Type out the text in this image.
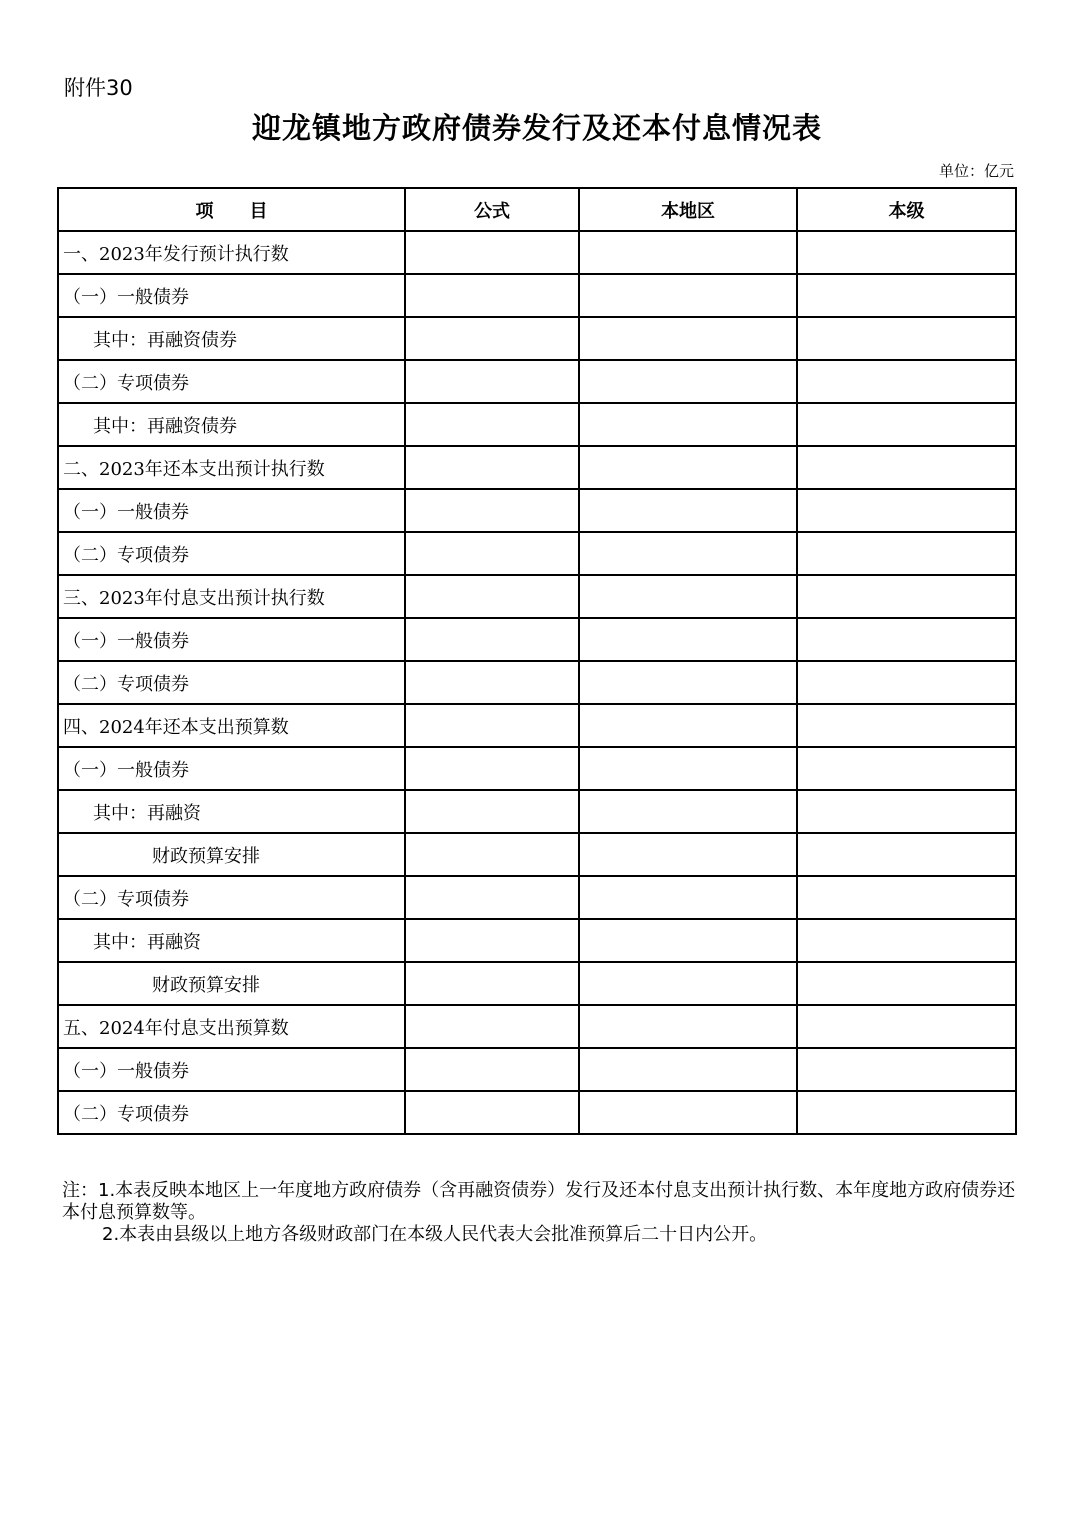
附件30
迎龙镇地方政府债券发行及还本付息情况表
单位：亿元
项　　目	公式	本地区	本级
一、2023年发行预计执行数			
（一）一般债券			
其中：再融资债券			
（二）专项债券			
其中：再融资债券			
二、2023年还本支出预计执行数			
（一）一般债券			
（二）专项债券			
三、2023年付息支出预计执行数			
（一）一般债券			
（二）专项债券			
四、2024年还本支出预算数			
（一）一般债券			
其中：再融资			
财政预算安排			
（二）专项债券			
其中：再融资			
财政预算安排			
五、2024年付息支出预算数			
（一）一般债券			
（二）专项债券			
注：1.本表反映本地区上一年度地方政府债券（含再融资债券）发行及还本付息支出预计执行数、本年度地方政府债券还本付息预算数等。
2.本表由县级以上地方各级财政部门在本级人民代表大会批准预算后二十日内公开。
